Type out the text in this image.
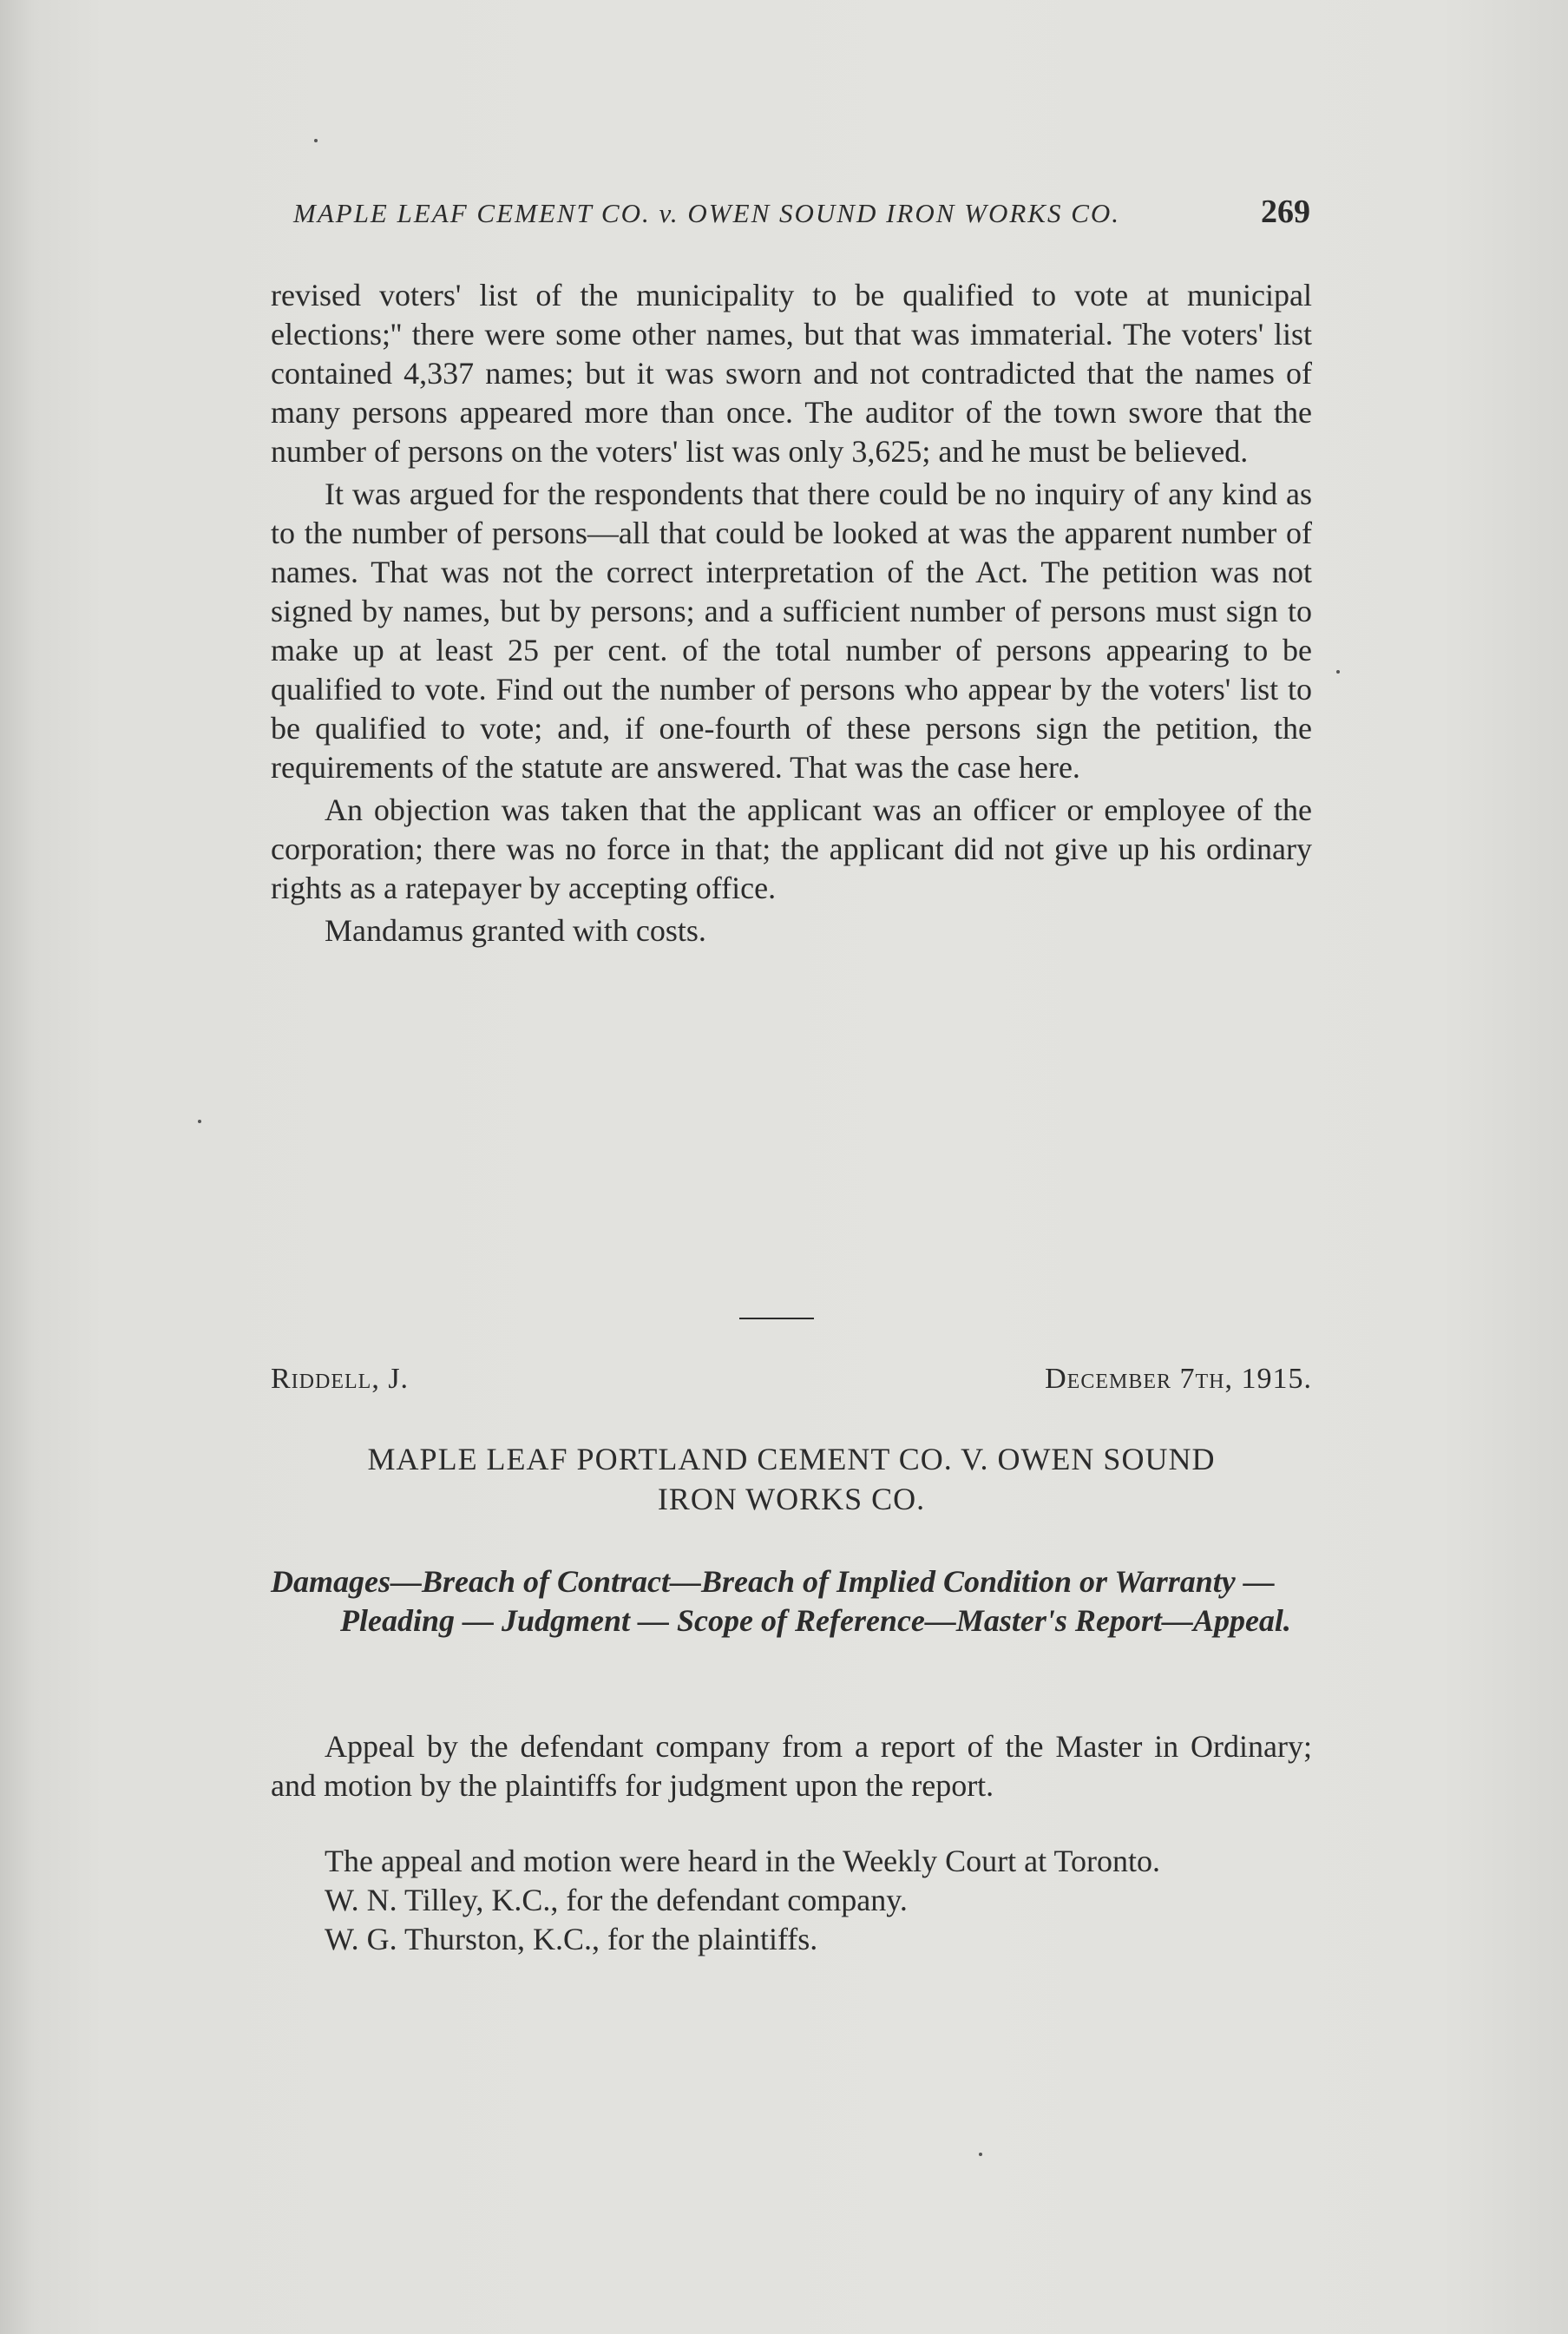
MAPLE LEAF CEMENT CO. v. OWEN SOUND IRON WORKS CO.	269

revised voters' list of the municipality to be qualified to vote at municipal elections;'' there were some other names, but that was immaterial. The voters' list contained 4,337 names; but it was sworn and not contradicted that the names of many persons appeared more than once. The auditor of the town swore that the number of persons on the voters' list was only 3,625; and he must be believed.

It was argued for the respondents that there could be no inquiry of any kind as to the number of persons—all that could be looked at was the apparent number of names. That was not the correct interpretation of the Act. The petition was not signed by names, but by persons; and a sufficient number of persons must sign to make up at least 25 per cent. of the total number of persons appearing to be qualified to vote. Find out the number of persons who appear by the voters' list to be qualified to vote; and, if one-fourth of these persons sign the petition, the requirements of the statute are answered. That was the case here.

An objection was taken that the applicant was an officer or employee of the corporation; there was no force in that; the applicant did not give up his ordinary rights as a ratepayer by accepting office.

Mandamus granted with costs.

Riddell, J.	December 7th, 1915.
MAPLE LEAF PORTLAND CEMENT CO. V. OWEN SOUND
IRON WORKS CO.
Damages—Breach of Contract—Breach of Implied Condition or Warranty — Pleading — Judgment — Scope of Reference—Master's Report—Appeal.

Appeal by the defendant company from a report of the Master in Ordinary; and motion by the plaintiffs for judgment upon the report.

The appeal and motion were heard in the Weekly Court at Toronto.

W. N. Tilley, K.C., for the defendant company.

W. G. Thurston, K.C., for the plaintiffs.
